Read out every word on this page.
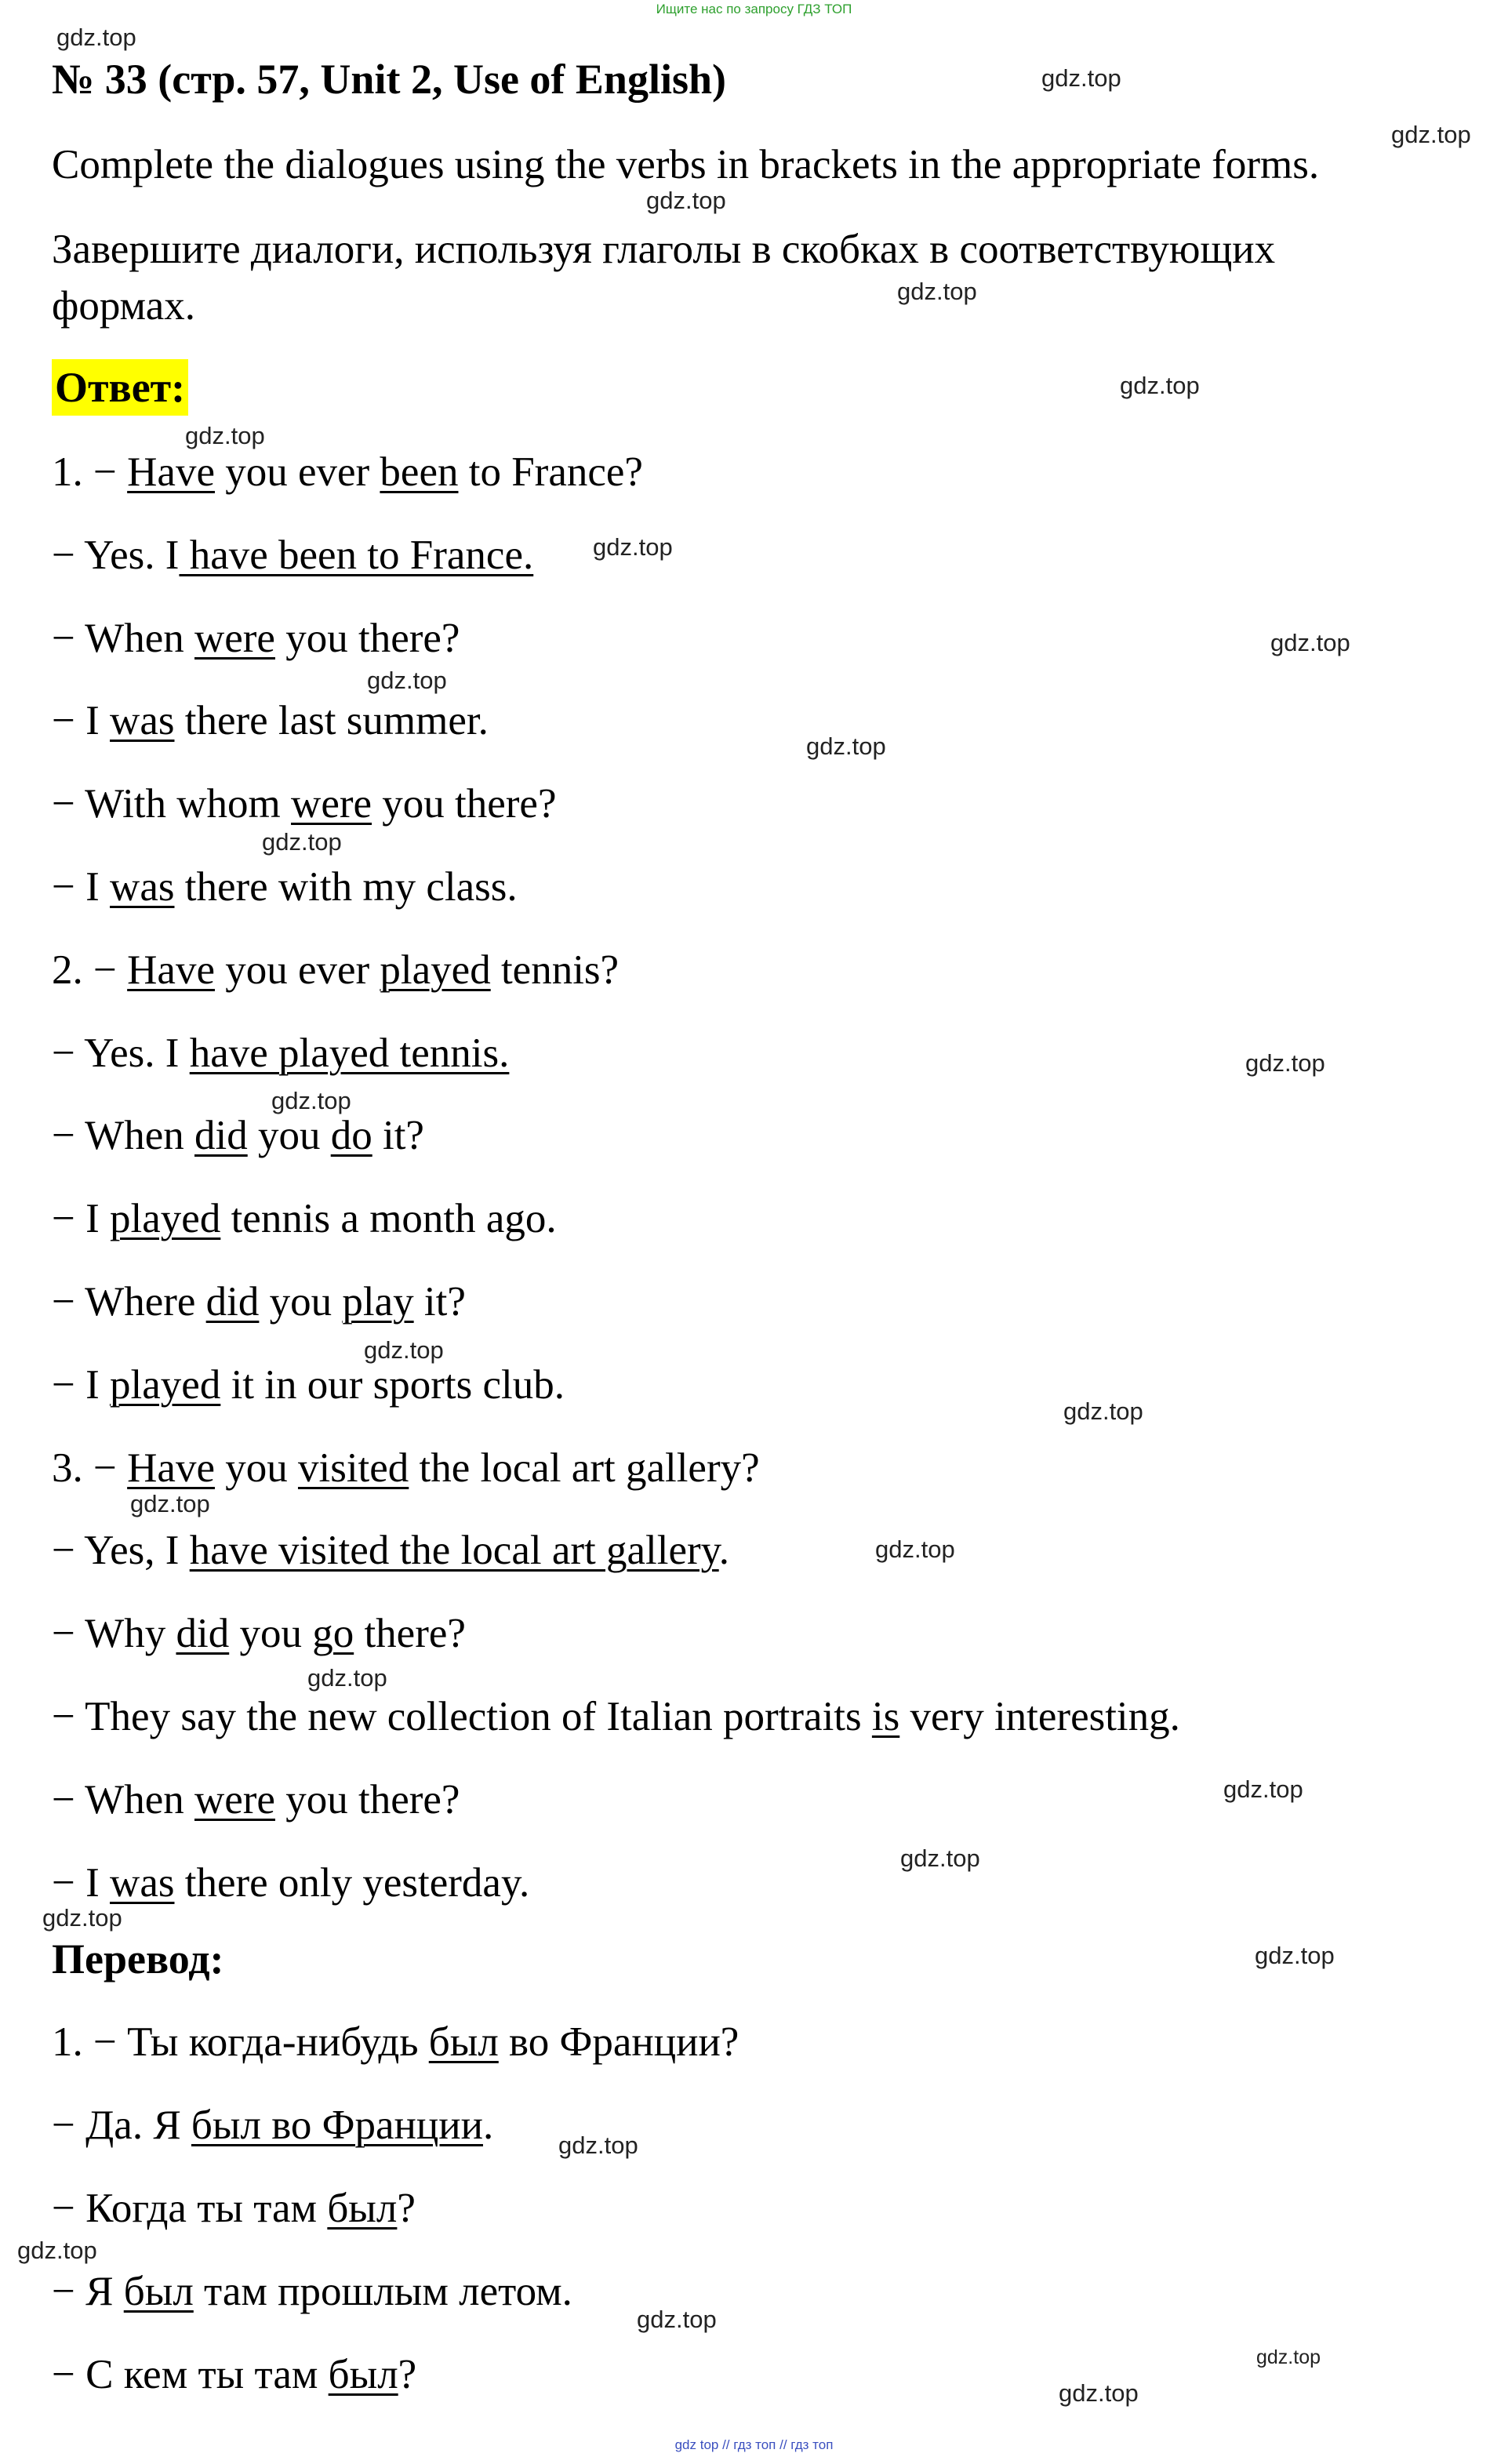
Ищите нас по запросу ГДЗ ТОП
№ 33 (стр. 57, Unit 2, Use of English)
Complete the dialogues using the verbs in brackets in the appropriate forms.
Завершите диалоги, используя глаголы в скобках в соответствующих
формах.
Ответ:
1. − Have you ever been to France?
− Yes. I have been to France.
− When were you there?
− I was there last summer.
− With whom were you there?
− I was there with my class.
2. − Have you ever played tennis?
− Yes. I have played tennis.
− When did you do it?
− I played tennis a month ago.
− Where did you play it?
− I played it in our sports club.
3. − Have you visited the local art gallery?
− Yes, I have visited the local art gallery.
− Why did you go there?
− They say the new collection of Italian portraits is very interesting.
− When were you there?
− I was there only yesterday.
Перевод:
1. − Ты когда-нибудь был во Франции?
− Да. Я был во Франции.
− Когда ты там был?
− Я был там прошлым летом.
− С кем ты там был?
gdz.top
gdz.top
gdz.top
gdz.top
gdz.top
gdz.top
gdz.top
gdz.top
gdz.top
gdz.top
gdz.top
gdz.top
gdz.top
gdz.top
gdz.top
gdz.top
gdz.top
gdz.top
gdz.top
gdz.top
gdz.top
gdz.top
gdz.top
gdz.top
gdz.top
gdz.top
gdz.top
gdz.top
gdz top // гдз топ // гдз топ
